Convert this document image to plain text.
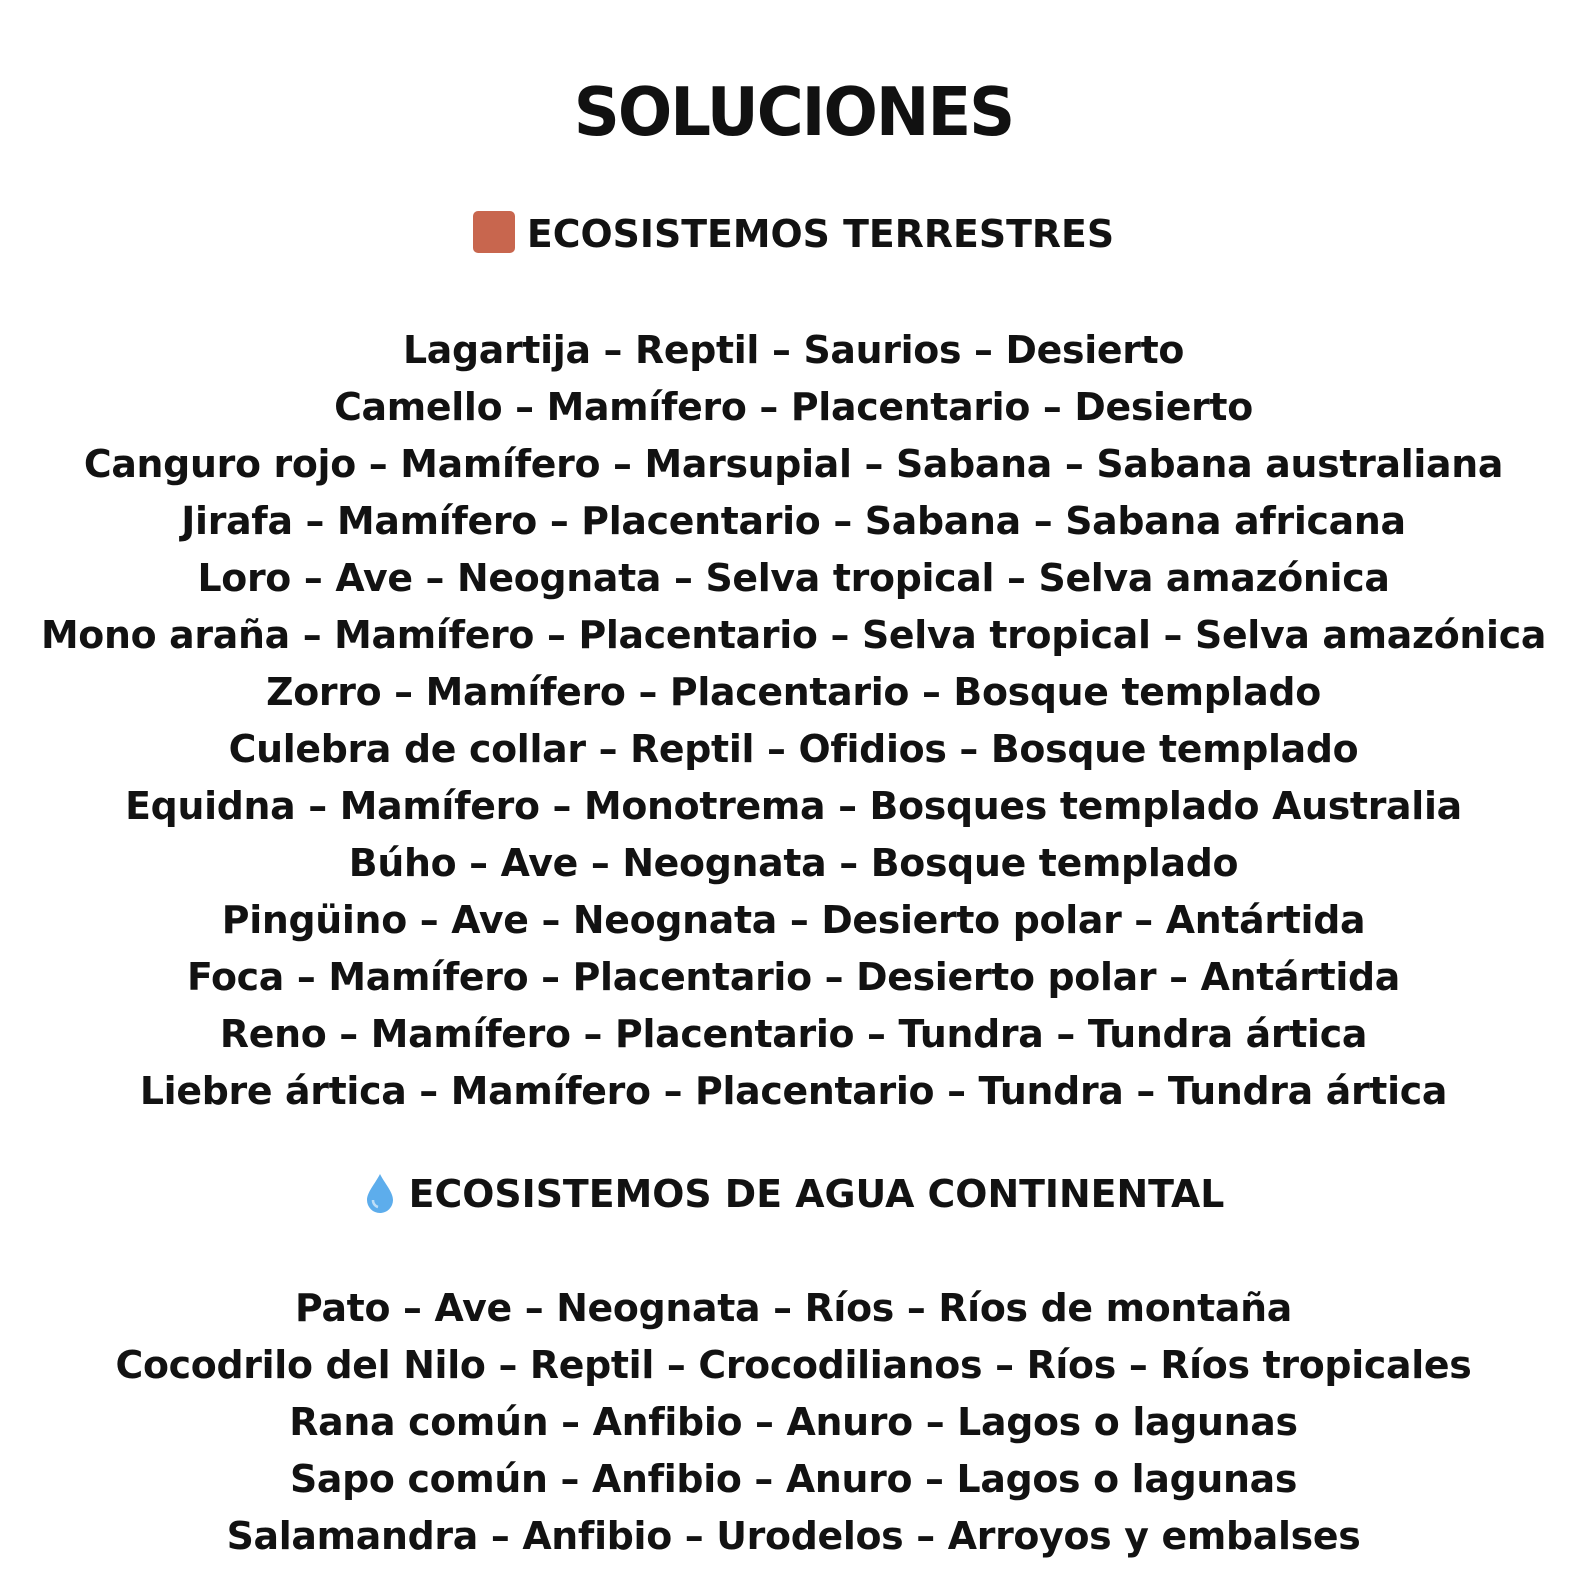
SOLUCIONES
ECOSISTEMOS TERRESTRES
Lagartija – Reptil – Saurios – Desierto
Camello – Mamífero – Placentario – Desierto
Canguro rojo – Mamífero – Marsupial – Sabana – Sabana australiana
Jirafa – Mamífero – Placentario – Sabana – Sabana africana
Loro – Ave – Neognata – Selva tropical – Selva amazónica
Mono araña – Mamífero – Placentario – Selva tropical – Selva amazónica
Zorro – Mamífero – Placentario – Bosque templado
Culebra de collar – Reptil – Ofidios – Bosque templado
Equidna – Mamífero – Monotrema – Bosques templado Australia
Búho – Ave – Neognata – Bosque templado
Pingüino – Ave – Neognata – Desierto polar – Antártida
Foca – Mamífero – Placentario – Desierto polar – Antártida
Reno – Mamífero – Placentario – Tundra – Tundra ártica
Liebre ártica – Mamífero – Placentario – Tundra – Tundra ártica
ECOSISTEMOS DE AGUA CONTINENTAL
Pato – Ave – Neognata – Ríos – Ríos de montaña
Cocodrilo del Nilo – Reptil – Crocodilianos – Ríos – Ríos tropicales
Rana común – Anfibio – Anuro – Lagos o lagunas
Sapo común – Anfibio – Anuro – Lagos o lagunas
Salamandra – Anfibio – Urodelos – Arroyos y embalses
